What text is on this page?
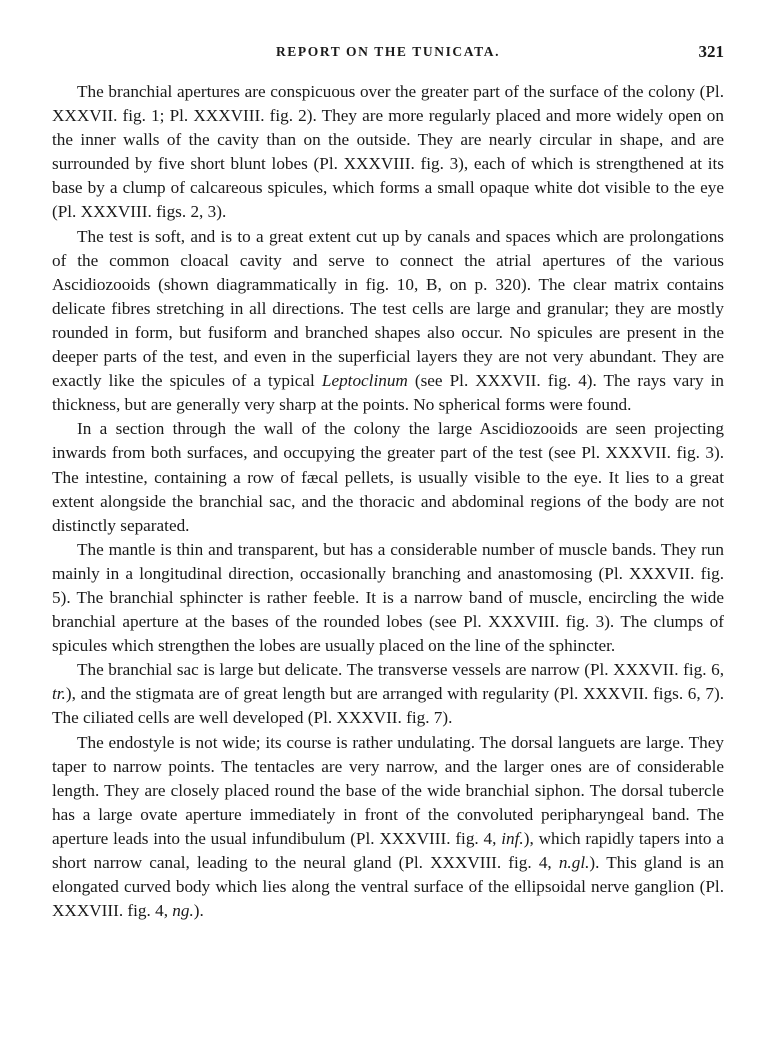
REPORT ON THE TUNICATA.	321

The branchial apertures are conspicuous over the greater part of the surface of the colony (Pl. XXXVII. fig. 1; Pl. XXXVIII. fig. 2). They are more regularly placed and more widely open on the inner walls of the cavity than on the outside. They are nearly circular in shape, and are surrounded by five short blunt lobes (Pl. XXXVIII. fig. 3), each of which is strengthened at its base by a clump of calcareous spicules, which forms a small opaque white dot visible to the eye (Pl. XXXVIII. figs. 2, 3).

The test is soft, and is to a great extent cut up by canals and spaces which are prolongations of the common cloacal cavity and serve to connect the atrial apertures of the various Ascidiozooids (shown diagrammatically in fig. 10, B, on p. 320). The clear matrix contains delicate fibres stretching in all directions. The test cells are large and granular; they are mostly rounded in form, but fusiform and branched shapes also occur. No spicules are present in the deeper parts of the test, and even in the superficial layers they are not very abundant. They are exactly like the spicules of a typical Leptoclinum (see Pl. XXXVII. fig. 4). The rays vary in thickness, but are generally very sharp at the points. No spherical forms were found.

In a section through the wall of the colony the large Ascidiozooids are seen projecting inwards from both surfaces, and occupying the greater part of the test (see Pl. XXXVII. fig. 3). The intestine, containing a row of fæcal pellets, is usually visible to the eye. It lies to a great extent alongside the branchial sac, and the thoracic and abdominal regions of the body are not distinctly separated.

The mantle is thin and transparent, but has a considerable number of muscle bands. They run mainly in a longitudinal direction, occasionally branching and anastomosing (Pl. XXXVII. fig. 5). The branchial sphincter is rather feeble. It is a narrow band of muscle, encircling the wide branchial aperture at the bases of the rounded lobes (see Pl. XXXVIII. fig. 3). The clumps of spicules which strengthen the lobes are usually placed on the line of the sphincter.

The branchial sac is large but delicate. The transverse vessels are narrow (Pl. XXXVII. fig. 6, tr.), and the stigmata are of great length but are arranged with regularity (Pl. XXXVII. figs. 6, 7). The ciliated cells are well developed (Pl. XXXVII. fig. 7).

The endostyle is not wide; its course is rather undulating. The dorsal languets are large. They taper to narrow points. The tentacles are very narrow, and the larger ones are of considerable length. They are closely placed round the base of the wide branchial siphon. The dorsal tubercle has a large ovate aperture immediately in front of the convoluted peripharyngeal band. The aperture leads into the usual infundibulum (Pl. XXXVIII. fig. 4, inf.), which rapidly tapers into a short narrow canal, leading to the neural gland (Pl. XXXVIII. fig. 4, n.gl.). This gland is an elongated curved body which lies along the ventral surface of the ellipsoidal nerve ganglion (Pl. XXXVIII. fig. 4, ng.).
